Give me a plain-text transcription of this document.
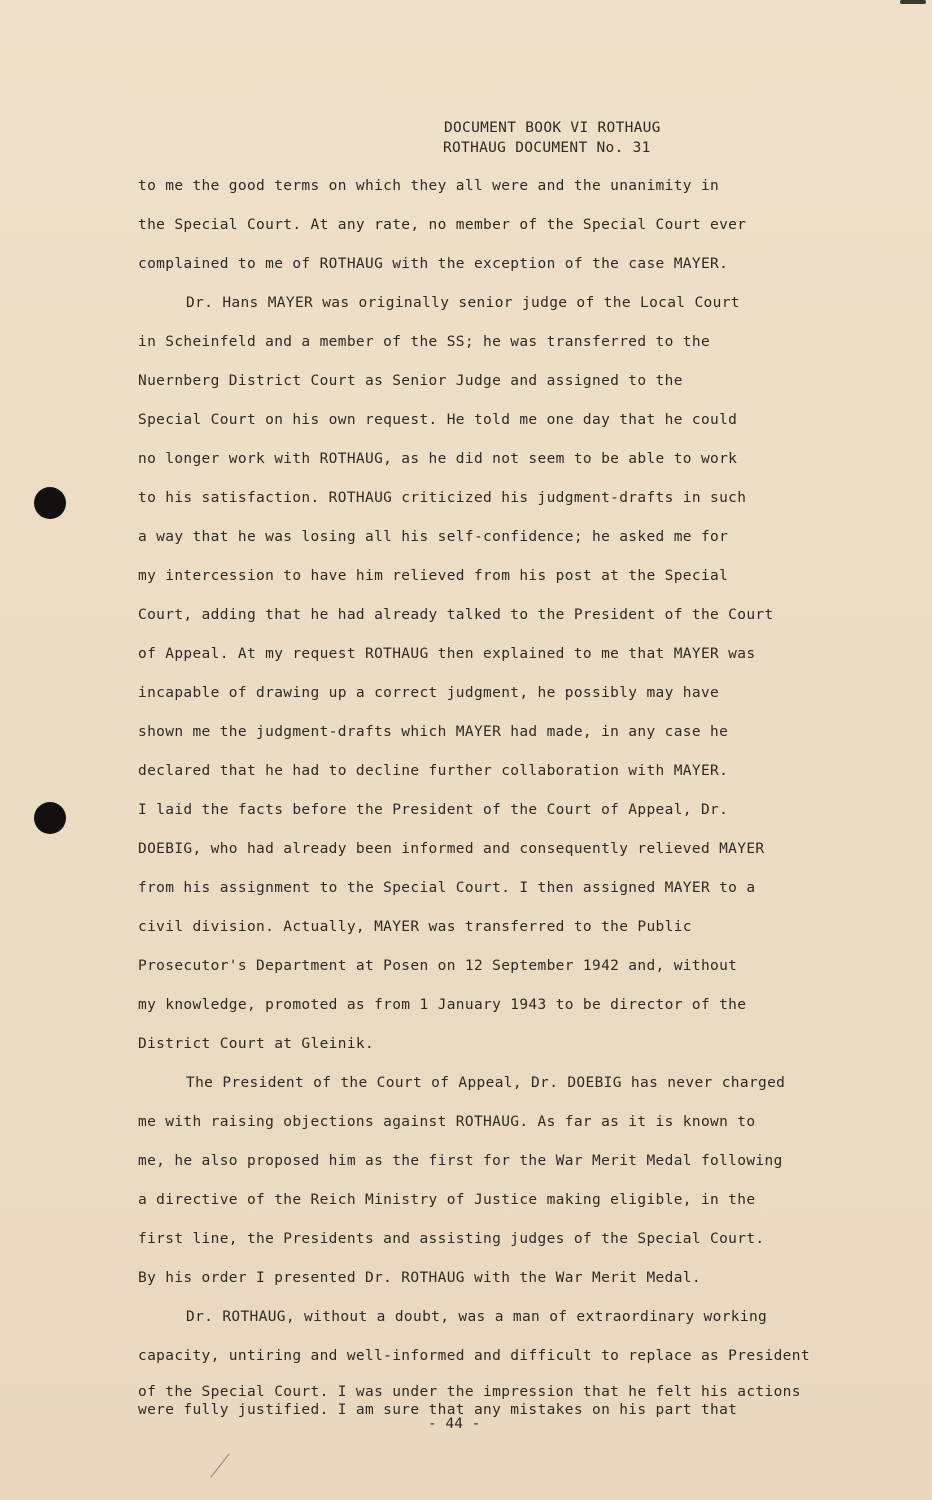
DOCUMENT BOOK VI ROTHAUG
ROTHAUG DOCUMENT No. 31
to me the good terms on which they all were and the unanimity in
the Special Court. At any rate, no member of the Special Court ever
complained to me of ROTHAUG with the exception of the case MAYER.
Dr. Hans MAYER was originally senior judge of the Local Court
in Scheinfeld and a member of the SS; he was transferred to the
Nuernberg District Court as Senior Judge and assigned to the
Special Court on his own request. He told me one day that he could
no longer work with ROTHAUG, as he did not seem to be able to work
to his satisfaction. ROTHAUG criticized his judgment-drafts in such
a way that he was losing all his self-confidence; he asked me for
my intercession to have him relieved from his post at the Special
Court, adding that he had already talked to the President of the Court
of Appeal. At my request ROTHAUG then explained to me that MAYER was
incapable of drawing up a correct judgment, he possibly may have
shown me the judgment-drafts which MAYER had made, in any case he
declared that he had to decline further collaboration with MAYER.
I laid the facts before the President of the Court of Appeal, Dr.
DOEBIG, who had already been informed and consequently relieved MAYER
from his assignment to the Special Court. I then assigned MAYER to a
civil division. Actually, MAYER was transferred to the Public
Prosecutor's Department at Posen on 12 September 1942 and, without
my knowledge, promoted as from 1 January 1943 to be director of the
District Court at Gleinik.
The President of the Court of Appeal, Dr. DOEBIG has never charged
me with raising objections against ROTHAUG. As far as it is known to
me, he also proposed him as the first for the War Merit Medal following
a directive of the Reich Ministry of Justice making eligible, in the
first line, the Presidents and assisting judges of the Special Court.
By his order I presented Dr. ROTHAUG with the War Merit Medal.
Dr. ROTHAUG, without a doubt, was a man of extraordinary working
capacity, untiring and well-informed and difficult to replace as President
of the Special Court. I was under the impression that he felt his actions
were fully justified. I am sure that any mistakes on his part that
- 44 -
